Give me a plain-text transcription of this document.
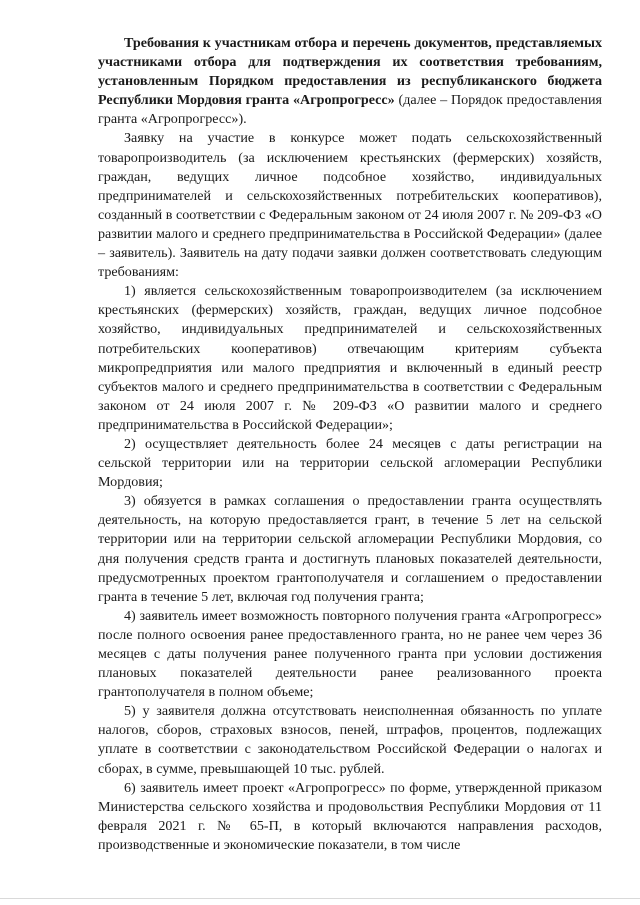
Требования к участникам отбора и перечень документов, представляемых участниками отбора для подтверждения их соответствия требованиям, установленным Порядком предоставления из республиканского бюджета Республики Мордовия гранта «Агропрогресс» (далее – Порядок предоставления гранта «Агропрогресс»).

Заявку на участие в конкурсе может подать сельскохозяйственный товаропроизводитель (за исключением крестьянских (фермерских) хозяйств, граждан, ведущих личное подсобное хозяйство, индивидуальных предпринимателей и сельскохозяйственных потребительских кооперативов), созданный в соответствии с Федеральным законом от 24 июля 2007 г. № 209-ФЗ «О развитии малого и среднего предпринимательства в Российской Федерации» (далее – заявитель). Заявитель на дату подачи заявки должен соответствовать следующим требованиям:

1) является сельскохозяйственным товаропроизводителем (за исключением крестьянских (фермерских) хозяйств, граждан, ведущих личное подсобное хозяйство, индивидуальных предпринимателей и сельскохозяйственных потребительских кооперативов) отвечающим критериям субъекта микропредприятия или малого предприятия и включенный в единый реестр субъектов малого и среднего предпринимательства в соответствии с Федеральным законом от 24 июля 2007 г. № 209-ФЗ «О развитии малого и среднего предпринимательства в Российской Федерации»;

2) осуществляет деятельность более 24 месяцев с даты регистрации на сельской территории или на территории сельской агломерации Республики Мордовия;

3) обязуется в рамках соглашения о предоставлении гранта осуществлять деятельность, на которую предоставляется грант, в течение 5 лет на сельской территории или на территории сельской агломерации Республики Мордовия, со дня получения средств гранта и достигнуть плановых показателей деятельности, предусмотренных проектом грантополучателя и соглашением о предоставлении гранта в течение 5 лет, включая год получения гранта;

4) заявитель имеет возможность повторного получения гранта «Агропрогресс» после полного освоения ранее предоставленного гранта, но не ранее чем через 36 месяцев с даты получения ранее полученного гранта при условии достижения плановых показателей деятельности ранее реализованного проекта грантополучателя в полном объеме;

5) у заявителя должна отсутствовать неисполненная обязанность по уплате налогов, сборов, страховых взносов, пеней, штрафов, процентов, подлежащих уплате в соответствии с законодательством Российской Федерации о налогах и сборах, в сумме, превышающей 10 тыс. рублей.

6) заявитель имеет проект «Агропрогресс» по форме, утвержденной приказом Министерства сельского хозяйства и продовольствия Республики Мордовия от 11 февраля 2021 г. № 65-П, в который включаются направления расходов, производственные и экономические показатели, в том числе
